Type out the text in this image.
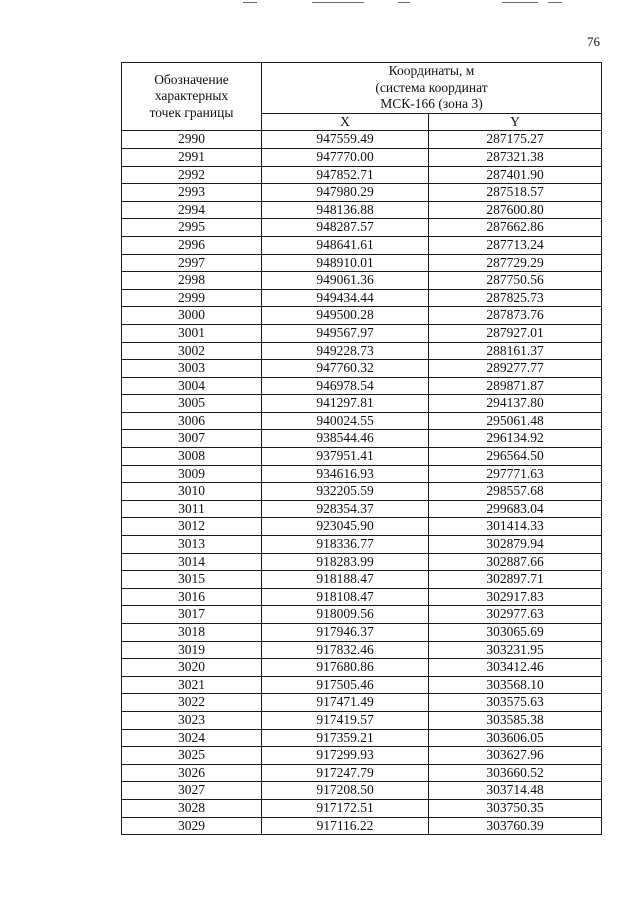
76
Обозначение
характерных
точек границы	Координаты, м
(система координат
МСК-166 (зона 3)	

	X	Y
2990	947559.49	287175.27
2991	947770.00	287321.38
2992	947852.71	287401.90
2993	947980.29	287518.57
2994	948136.88	287600.80
2995	948287.57	287662.86
2996	948641.61	287713.24
2997	948910.01	287729.29
2998	949061.36	287750.56
2999	949434.44	287825.73
3000	949500.28	287873.76
3001	949567.97	287927.01
3002	949228.73	288161.37
3003	947760.32	289277.77
3004	946978.54	289871.87
3005	941297.81	294137.80
3006	940024.55	295061.48
3007	938544.46	296134.92
3008	937951.41	296564.50
3009	934616.93	297771.63
3010	932205.59	298557.68
3011	928354.37	299683.04
3012	923045.90	301414.33
3013	918336.77	302879.94
3014	918283.99	302887.66
3015	918188.47	302897.71
3016	918108.47	302917.83
3017	918009.56	302977.63
3018	917946.37	303065.69
3019	917832.46	303231.95
3020	917680.86	303412.46
3021	917505.46	303568.10
3022	917471.49	303575.63
3023	917419.57	303585.38
3024	917359.21	303606.05
3025	917299.93	303627.96
3026	917247.79	303660.52
3027	917208.50	303714.48
3028	917172.51	303750.35
3029	917116.22	303760.39
